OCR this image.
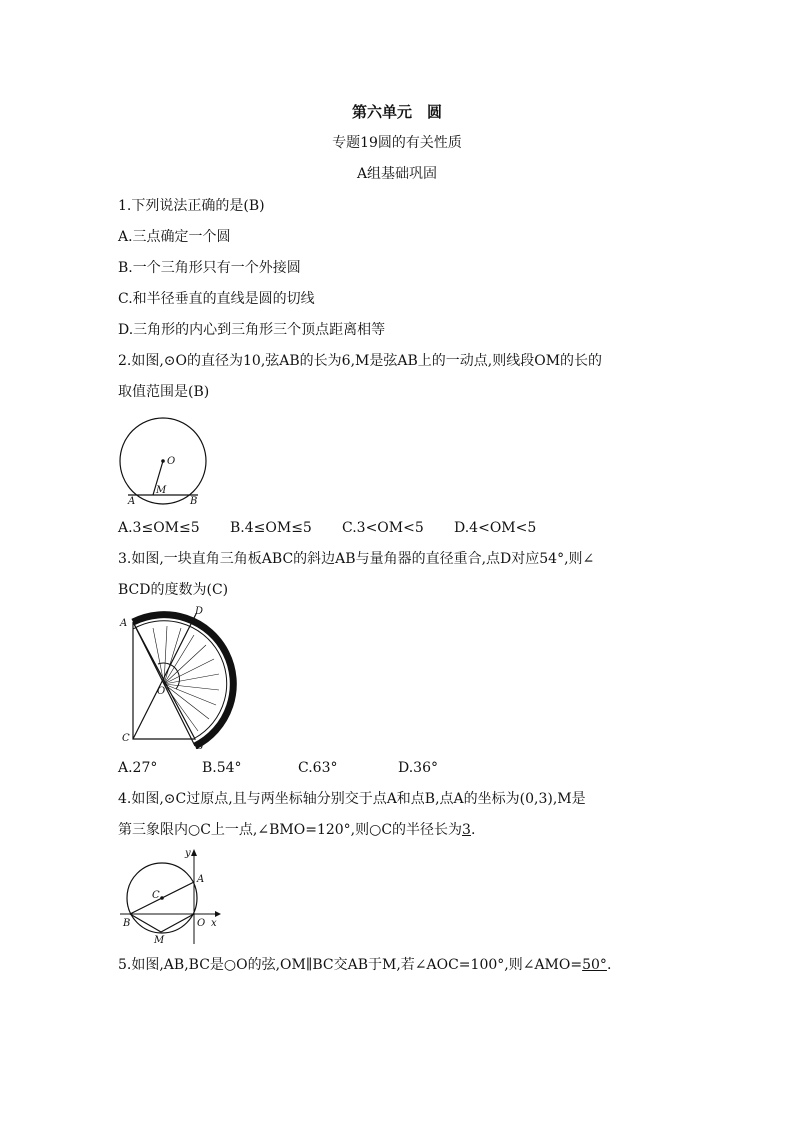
第六单元　圆
专题19圆的有关性质
A组基础巩固
1.下列说法正确的是(B)
A.三点确定一个圆
B.一个三角形只有一个外接圆
C.和半径垂直的直线是圆的切线
D.三角形的内心到三角形三个顶点距离相等
2.如图,⊙O的直径为10,弦AB的长为6,M是弦AB上的一动点,则线段OM的长的
取值范围是(B)
O
A
M
B
A.3≤OM≤5	B.4≤OM≤5	C.3<OM<5	D.4<OM<5
3.如图,一块直角三角板ABC的斜边AB与量角器的直径重合,点D对应54°,则∠
BCD的度数为(C)
A
B
C
D
O
A.27°	B.54°	C.63°	D.36°
4.如图,⊙C过原点,且与两坐标轴分别交于点A和点B,点A的坐标为(0,3),M是
第三象限内○C上一点,∠BMO=120°,则○C的半径长为3.
y
x
A
B
C
O
M
5.如图,AB,BC是○O的弦,OM∥BC交AB于M,若∠AOC=100°,则∠AMO=50°.
